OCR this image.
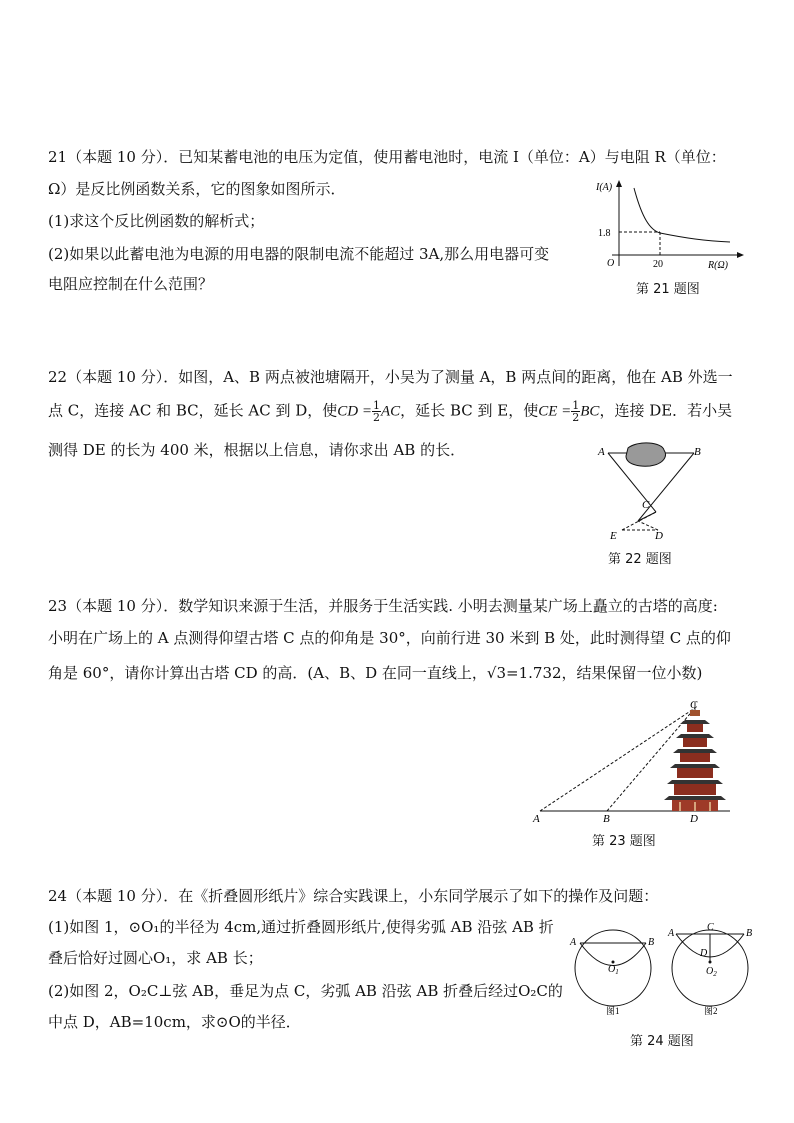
21（本题 10 分）．已知某蓄电池的电压为定值，使用蓄电池时，电流 I（单位：A）与电阻 R（单位：
Ω）是反比例函数关系，它的图象如图所示．
(1)求这个反比例函数的解析式；
(2)如果以此蓄电池为电源的用电器的限制电流不能超过 3A,那么用电器可变
电阻应控制在什么范围？
I(A)
R(Ω)
O
1.8
20
第 21 题图
22（本题 10 分）．如图，A、B 两点被池塘隔开，小吴为了测量 A，B 两点间的距离，他在 AB 外选一
点 C，连接 AC 和 BC，延长 AC 到 D，使CD = $\frac{1}{2}$ AC，延长 BC 到 E，使CE = $\frac{1}{2}$ BC，连接 DE．若小吴
测得 DE 的长为 400 米，根据以上信息，请你求出 AB 的长．	A	B
C
E	D
第 22 题图
23（本题 10 分）．数学知识来源于生活，并服务于生活实践. 小明去测量某广场上矗立的古塔的高度:
小明在广场上的 A 点测得仰望古塔 C 点的仰角是 30°，向前行进 30 米到 B 处，此时测得望 C 点的仰
角是 60°，请你计算出古塔 CD 的高．(A、B、D 在同一直线上，√3=1.732，结果保留一位小数)
A	B
C
D
第 23 题图
24（本题 10 分）．在《折叠圆形纸片》综合实践课上，小东同学展示了如下的操作及问题：
(1)如图 1，⊙O₁的半径为 4cm,通过折叠圆形纸片,使得劣弧 AB 沿弦 AB 折
叠后恰好过圆心O₁，求 AB 长；
(2)如图 2，O₂C⊥弦 AB，垂足为点 C，劣弧 AB 沿弦 AB 折叠后经过O₂C的
中点 D，AB=10cm，求⊙O的半径．
A	B
$O_1$
图1
A	B
C
D
$O_2$
图2
第 24 题图
